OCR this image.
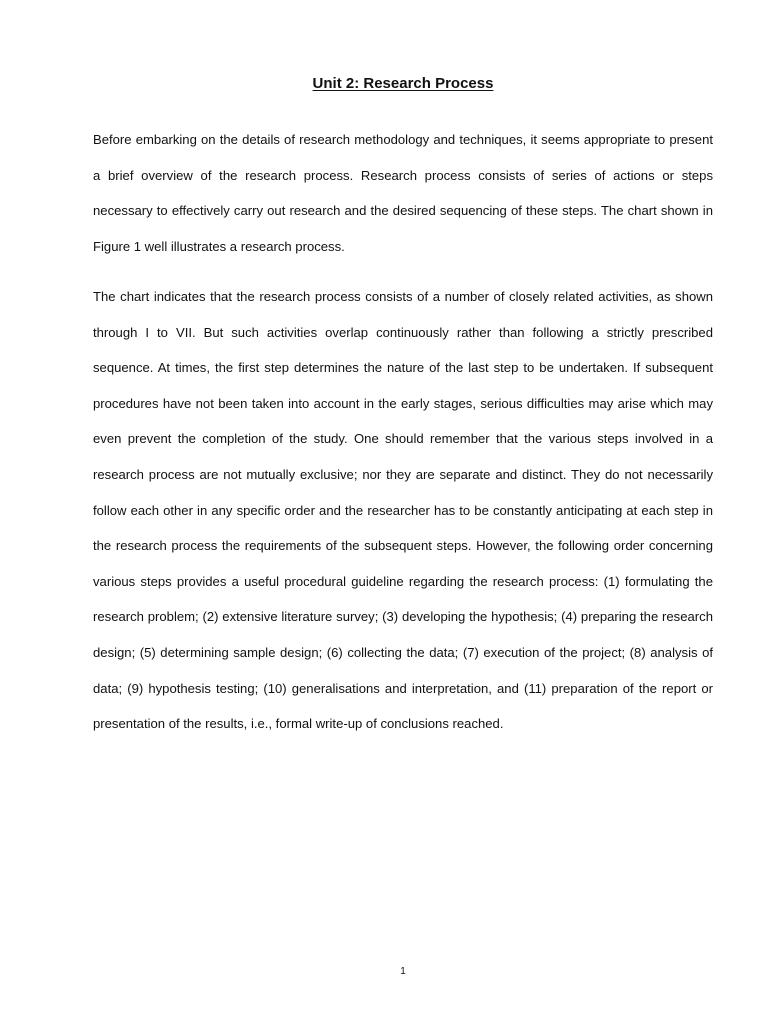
Unit 2: Research Process

Before embarking on the details of research methodology and techniques, it seems appropriate to present a brief overview of the research process. Research process consists of series of actions or steps necessary to effectively carry out research and the desired sequencing of these steps. The chart shown in Figure 1 well illustrates a research process.

The chart indicates that the research process consists of a number of closely related activities, as shown through I to VII. But such activities overlap continuously rather than following a strictly prescribed sequence. At times, the first step determines the nature of the last step to be undertaken. If subsequent procedures have not been taken into account in the early stages, serious difficulties may arise which may even prevent the completion of the study. One should remember that the various steps involved in a research process are not mutually exclusive; nor they are separate and distinct. They do not necessarily follow each other in any specific order and the researcher has to be constantly anticipating at each step in the research process the requirements of the subsequent steps. However, the following order concerning various steps provides a useful procedural guideline regarding the research process: (1) formulating the research problem; (2) extensive literature survey; (3) developing the hypothesis; (4) preparing the research design; (5) determining sample design; (6) collecting the data; (7) execution of the project; (8) analysis of data; (9) hypothesis testing; (10) generalisations and interpretation, and (11) preparation of the report or presentation of the results, i.e., formal write-up of conclusions reached.

1
